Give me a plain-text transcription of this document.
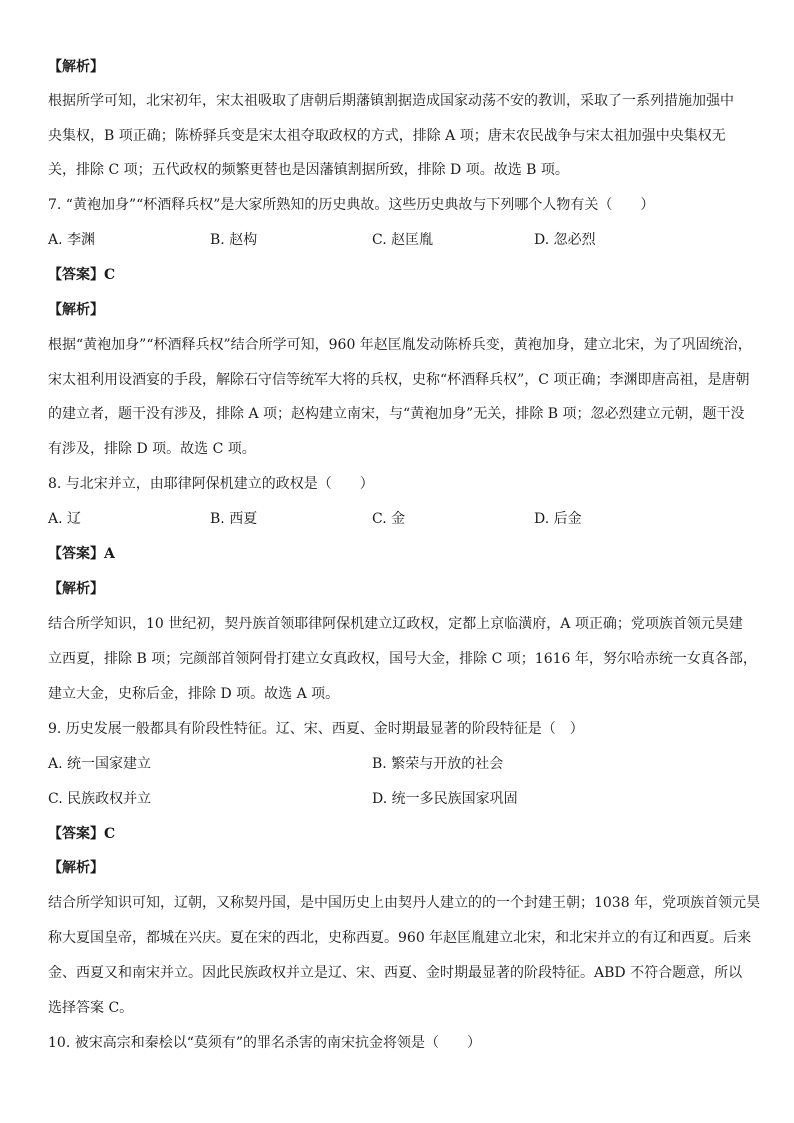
【解析】
根据所学可知，北宋初年，宋太祖吸取了唐朝后期藩镇割据造成国家动荡不安的教训，采取了一系列措施加强中
央集权，B 项正确；陈桥驿兵变是宋太祖夺取政权的方式，排除 A 项；唐末农民战争与宋太祖加强中央集权无
关，排除 C 项；五代政权的频繁更替也是因藩镇割据所致，排除 D 项。故选 B 项。
7. “黄袍加身”“杯酒释兵权”是大家所熟知的历史典故。这些历史典故与下列哪个人物有关（　　）
A. 李渊	B. 赵构	C. 赵匡胤	D. 忽必烈
【答案】C
【解析】
根据“黄袍加身”“杯酒释兵权”结合所学可知，960 年赵匡胤发动陈桥兵变，黄袍加身，建立北宋，为了巩固统治，
宋太祖利用设酒宴的手段，解除石守信等统军大将的兵权，史称“杯酒释兵权”，C 项正确；李渊即唐高祖，是唐朝
的建立者，题干没有涉及，排除 A 项；赵构建立南宋，与“黄袍加身”无关，排除 B 项；忽必烈建立元朝，题干没
有涉及，排除 D 项。故选 C 项。
8. 与北宋并立，由耶律阿保机建立的政权是（　　）
A. 辽	B. 西夏	C. 金	D. 后金
【答案】A
【解析】
结合所学知识，10 世纪初，契丹族首领耶律阿保机建立辽政权，定都上京临潢府，A 项正确；党项族首领元昊建
立西夏，排除 B 项；完颜部首领阿骨打建立女真政权，国号大金，排除 C 项；1616 年，努尔哈赤统一女真各部，
建立大金，史称后金，排除 D 项。故选 A 项。
9. 历史发展一般都具有阶段性特征。辽、宋、西夏、金时期最显著的阶段特征是（　）
A. 统一国家建立	B. 繁荣与开放的社会
C. 民族政权并立	D. 统一多民族国家巩固
【答案】C
【解析】
结合所学知识可知，辽朝，又称契丹国，是中国历史上由契丹人建立的的一个封建王朝；1038 年，党项族首领元昊
称大夏国皇帝，都城在兴庆。夏在宋的西北，史称西夏。960 年赵匡胤建立北宋，和北宋并立的有辽和西夏。后来
金、西夏又和南宋并立。因此民族政权并立是辽、宋、西夏、金时期最显著的阶段特征。ABD 不符合题意，所以
选择答案 C。
10. 被宋高宗和秦桧以“莫须有”的罪名杀害的南宋抗金将领是（　　）
